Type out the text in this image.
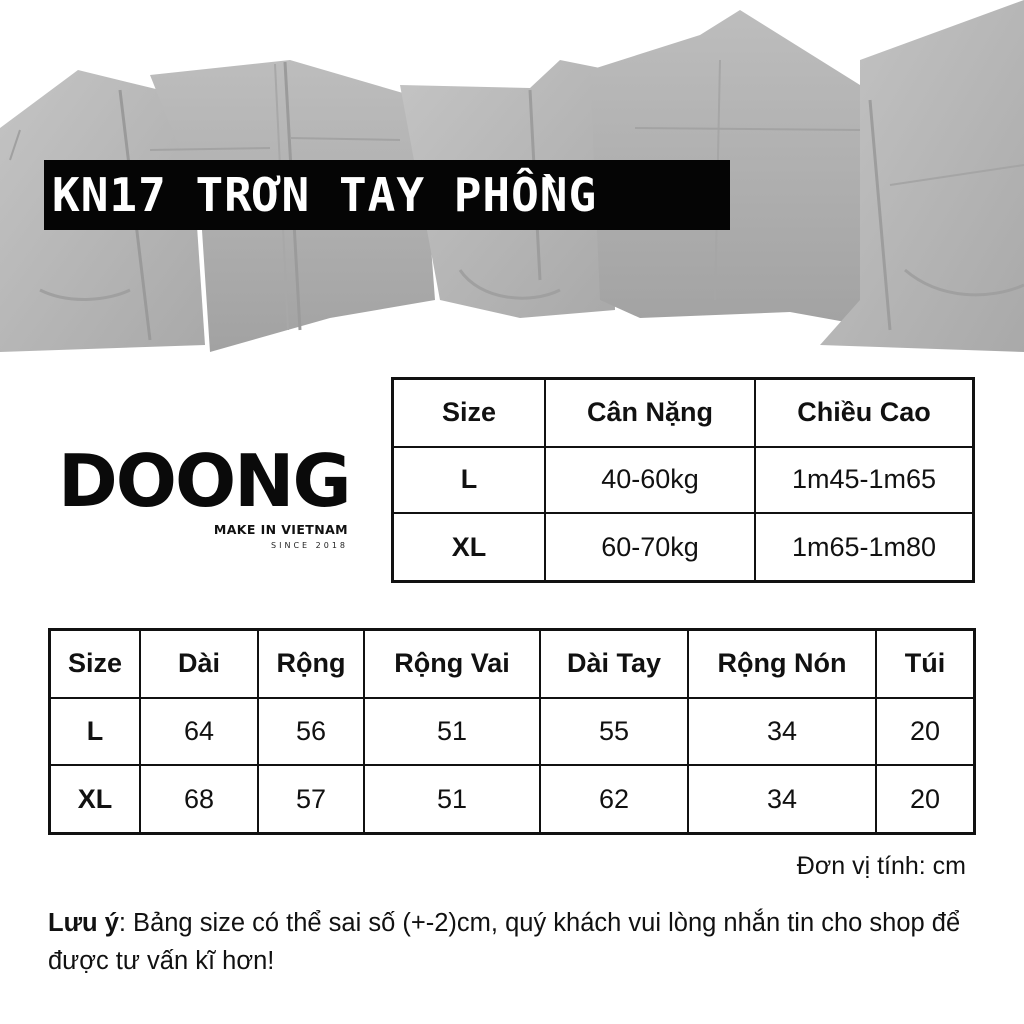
KN17 TRƠN TAY PHỒNG
DOONG
MAKE IN VIETNAM
SINCE 2018
Size	Cân Nặng	Chiều Cao
L	40-60kg	1m45-1m65
XL	60-70kg	1m65-1m80
Size	Dài	Rộng	Rộng Vai	Dài Tay	Rộng Nón	Túi
L	64	56	51	55	34	20
XL	68	57	51	62	34	20
Đơn vị tính: cm
Lưu ý: Bảng size có thể sai số (+-2)cm, quý khách vui lòng nhắn tin cho shop để được tư vấn kĩ hơn!
